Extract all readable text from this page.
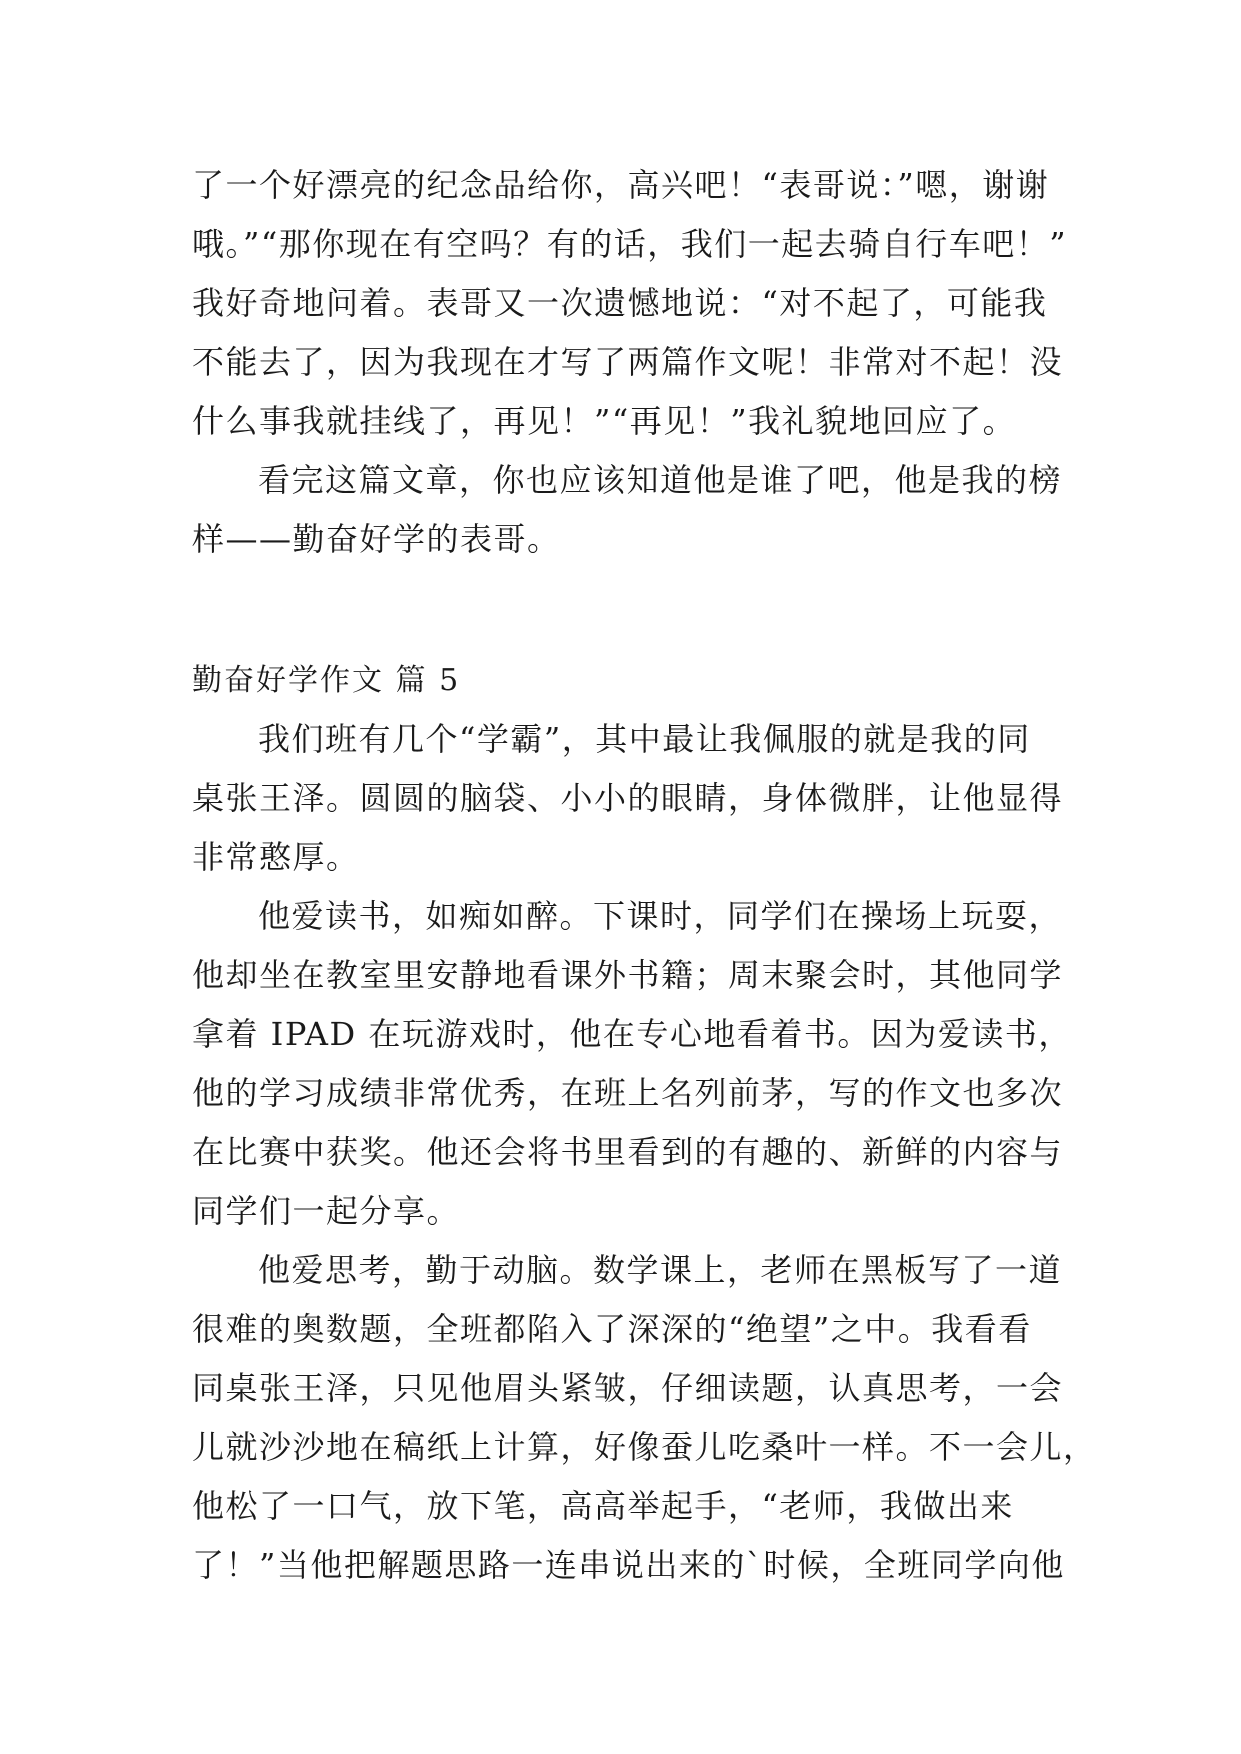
了一个好漂亮的纪念品给你，高兴吧！“表哥说：”嗯，谢谢
哦。”“那你现在有空吗？有的话，我们一起去骑自行车吧！”
我好奇地问着。表哥又一次遗憾地说：“对不起了，可能我
不能去了，因为我现在才写了两篇作文呢！非常对不起！没
什么事我就挂线了，再见！”“再见！”我礼貌地回应了。
看完这篇文章，你也应该知道他是谁了吧，他是我的榜
样——勤奋好学的表哥。
勤奋好学作文 篇 5
我们班有几个“学霸”，其中最让我佩服的就是我的同
桌张王泽。圆圆的脑袋、小小的眼睛，身体微胖，让他显得
非常憨厚。
他爱读书，如痴如醉。下课时，同学们在操场上玩耍，
他却坐在教室里安静地看课外书籍；周末聚会时，其他同学
拿着 IPAD 在玩游戏时，他在专心地看着书。因为爱读书，
他的学习成绩非常优秀，在班上名列前茅，写的作文也多次
在比赛中获奖。他还会将书里看到的有趣的、新鲜的内容与
同学们一起分享。
他爱思考，勤于动脑。数学课上，老师在黑板写了一道
很难的奥数题，全班都陷入了深深的“绝望”之中。我看看
同桌张王泽，只见他眉头紧皱，仔细读题，认真思考，一会
儿就沙沙地在稿纸上计算，好像蚕儿吃桑叶一样。不一会儿，
他松了一口气，放下笔，高高举起手，“老师，我做出来
了！”当他把解题思路一连串说出来的`时候，全班同学向他
